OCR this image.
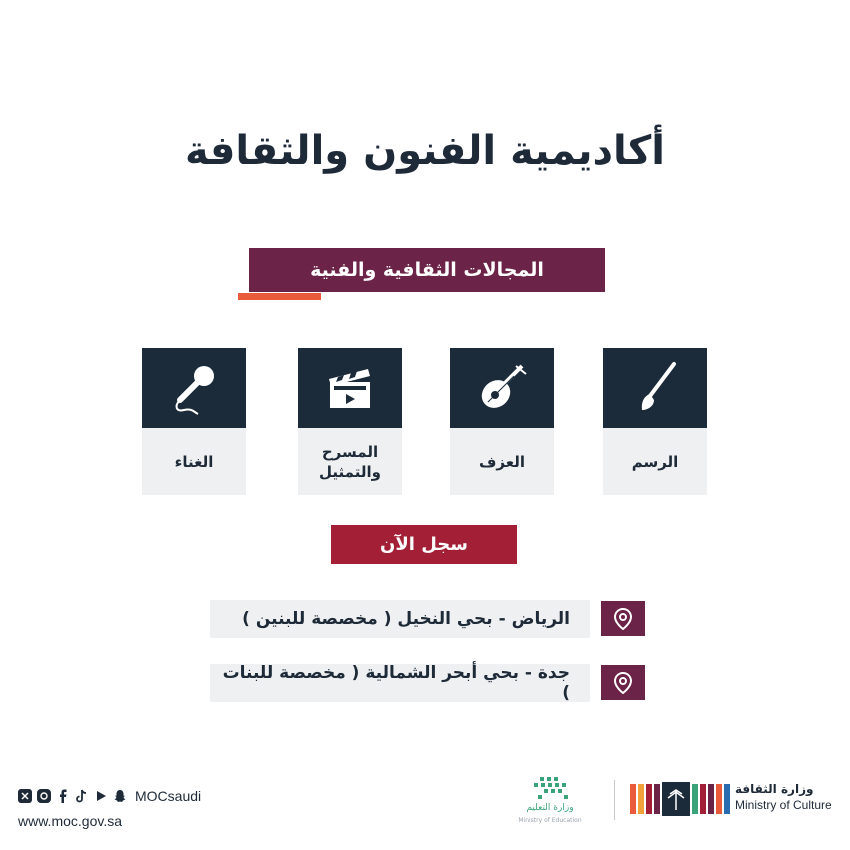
أكاديمية الفنون والثقافة
المجالات الثقافية والفنية
الرسم
العزف
المسرح والتمثيل
الغناء
سجل الآن
الرياض - بحي النخيل ( مخصصة للبنين )
جدة - بحي أبحر الشمالية ( مخصصة للبنات )
MOCsaudi
www.moc.gov.sa
وزارة التعليم
Ministry of Education
وزارة الثقافة
Ministry of Culture
